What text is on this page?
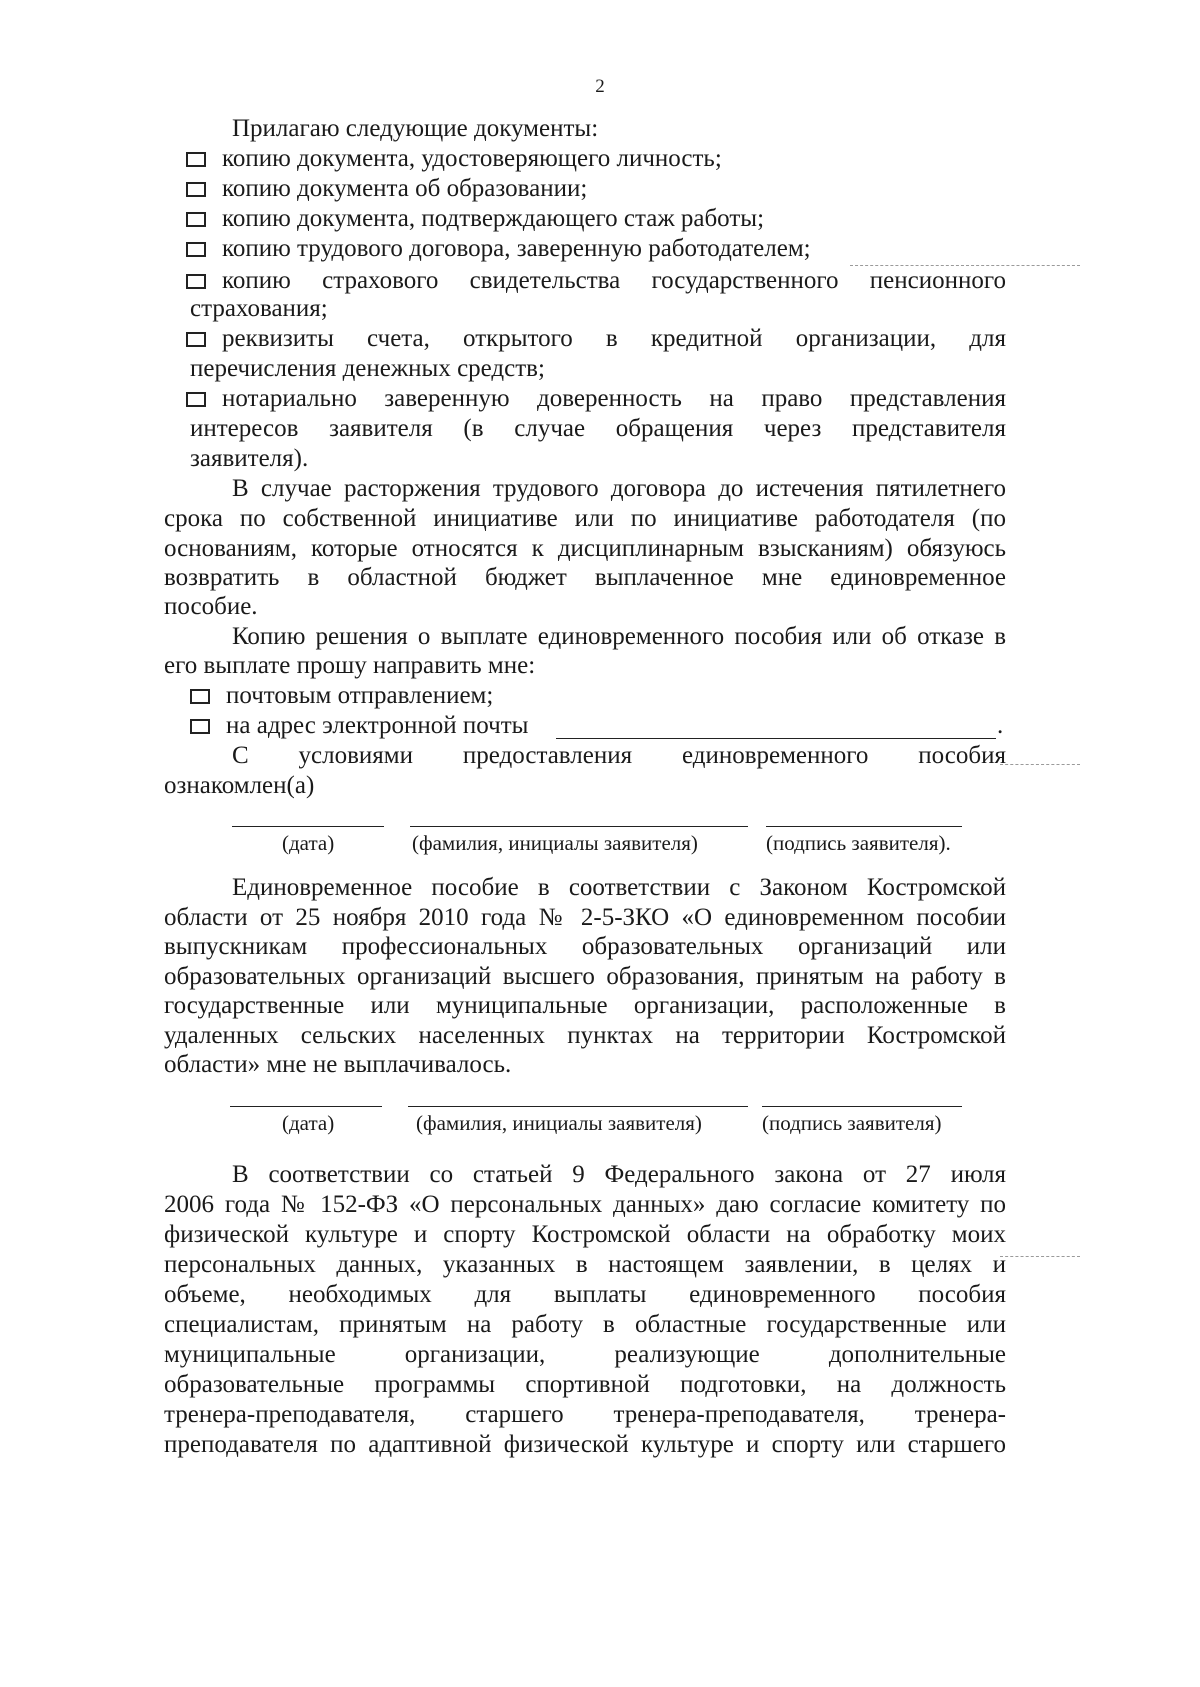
2
Прилагаю следующие документы:
копию документа, удостоверяющего личность;
копию документа об образовании;
копию документа, подтверждающего стаж работы;
копию трудового договора, заверенную работодателем;
копию страхового свидетельства государственного пенсионного
страхования;
реквизиты счета, открытого в кредитной организации, для
перечисления денежных средств;
нотариально заверенную доверенность на право представления
интересов заявителя (в случае обращения через представителя
заявителя).
В случае расторжения трудового договора до истечения пятилетнего
срока по собственной инициативе или по инициативе работодателя (по
основаниям, которые относятся к дисциплинарным взысканиям) обязуюсь
возвратить в областной бюджет выплаченное мне единовременное
пособие.
Копию решения о выплате единовременного пособия или об отказе в
его выплате прошу направить мне:
почтовым отправлением;
на адрес электронной почты	.
С условиями предоставления единовременного пособия
ознакомлен(а)
(дата)	(фамилия, инициалы заявителя)	(подпись заявителя).
Единовременное пособие в соответствии с Законом Костромской
области от 25 ноября 2010 года № 2-5-ЗКО «О единовременном пособии
выпускникам профессиональных образовательных организаций или
образовательных организаций высшего образования, принятым на работу в
государственные или муниципальные организации, расположенные в
удаленных сельских населенных пунктах на территории Костромской
области» мне не выплачивалось.
(дата)	(фамилия, инициалы заявителя)	(подпись заявителя)
В соответствии со статьей 9 Федерального закона от 27 июля
2006 года № 152-ФЗ «О персональных данных» даю согласие комитету по
физической культуре и спорту Костромской области на обработку моих
персональных данных, указанных в настоящем заявлении, в целях и
объеме, необходимых для выплаты единовременного пособия
специалистам, принятым на работу в областные государственные или
муниципальные организации, реализующие дополнительные
образовательные программы спортивной подготовки, на должность
тренера-преподавателя, старшего тренера-преподавателя, тренера-
преподавателя по адаптивной физической культуре и спорту или старшего
